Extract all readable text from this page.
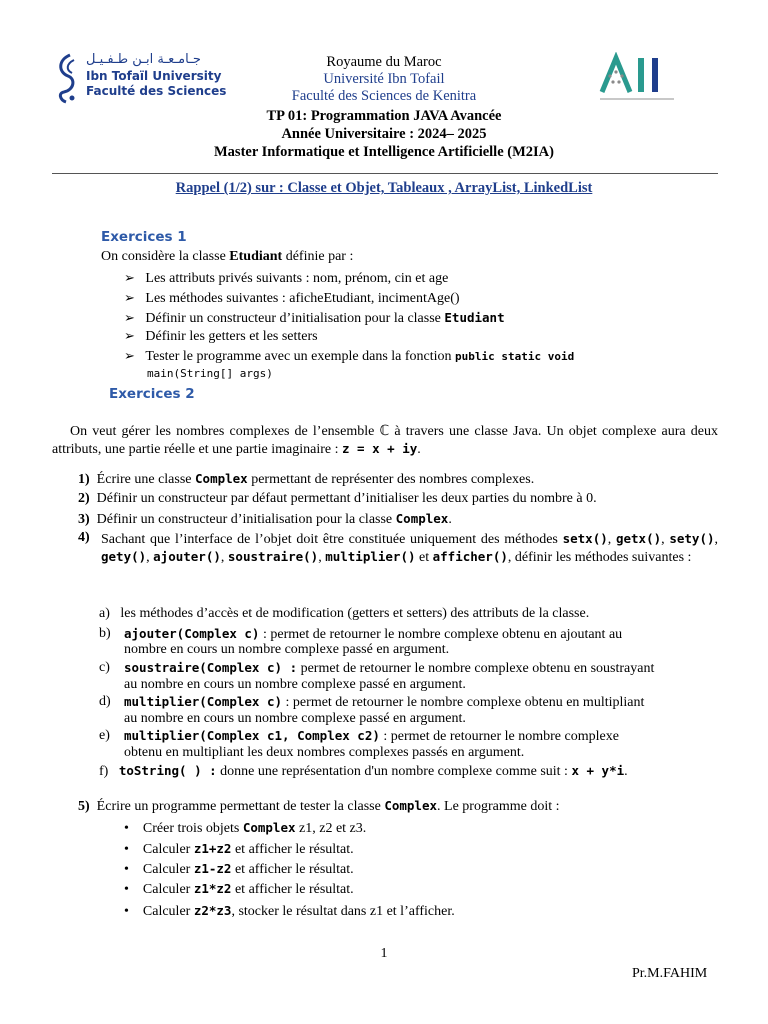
جـامـعـة ابـن طـفـيـل
Ibn Tofaïl University
Faculté des Sciences
Royaume du Maroc
Université Ibn Tofail
Faculté des Sciences de Kenitra
TP 01: Programmation JAVA Avancée
Année Universitaire : 2024– 2025
Master Informatique et Intelligence Artificielle (M2IA)
Rappel (1/2) sur : Classe et Objet, Tableaux , ArrayList, LinkedList
Exercices 1
On considère la classe Etudiant définie par :
➢ Les attributs privés suivants : nom, prénom, cin et age
➢ Les méthodes suivantes : aficheEtudiant, incimentAge()
➢ Définir un constructeur d’initialisation pour la classe Etudiant
➢ Définir les getters et les setters
➢ Tester le programme avec un exemple dans la fonction public static void
main(String[] args)
Exercices 2
On veut gérer les nombres complexes de l’ensemble ℂ à travers une classe Java. Un objet complexe aura deux attributs, une partie réelle et une partie imaginaire : z = x + iy.
1) Écrire une classe Complex permettant de représenter des nombres complexes.
2) Définir un constructeur par défaut permettant d’initialiser les deux parties du nombre à 0.
3) Définir un constructeur d’initialisation pour la classe Complex.
4) Sachant que l’interface de l’objet doit être constituée uniquement des méthodes setx(), getx(), sety(), gety(), ajouter(), soustraire(), multiplier() et afficher(), définir les méthodes suivantes :
a) les méthodes d’accès et de modification (getters et setters) des attributs de la classe.
b) ajouter(Complex c) : permet de retourner le nombre complexe obtenu en ajoutant au
nombre en cours un nombre complexe passé en argument.
c) soustraire(Complex c) : permet de retourner le nombre complexe obtenu en soustrayant
au nombre en cours un nombre complexe passé en argument.
d) multiplier(Complex c) : permet de retourner le nombre complexe obtenu en multipliant
au nombre en cours un nombre complexe passé en argument.
e) multiplier(Complex c1, Complex c2) : permet de retourner le nombre complexe
obtenu en multipliant les deux nombres complexes passés en argument.
f) toString( ) : donne une représentation d'un nombre complexe comme suit : x + y*i.
5) Écrire un programme permettant de tester la classe Complex. Le programme doit :
• Créer trois objets Complex z1, z2 et z3.
• Calculer z1+z2 et afficher le résultat.
• Calculer z1-z2 et afficher le résultat.
• Calculer z1*z2 et afficher le résultat.
• Calculer z2*z3, stocker le résultat dans z1 et l’afficher.
1
Pr.M.FAHIM
